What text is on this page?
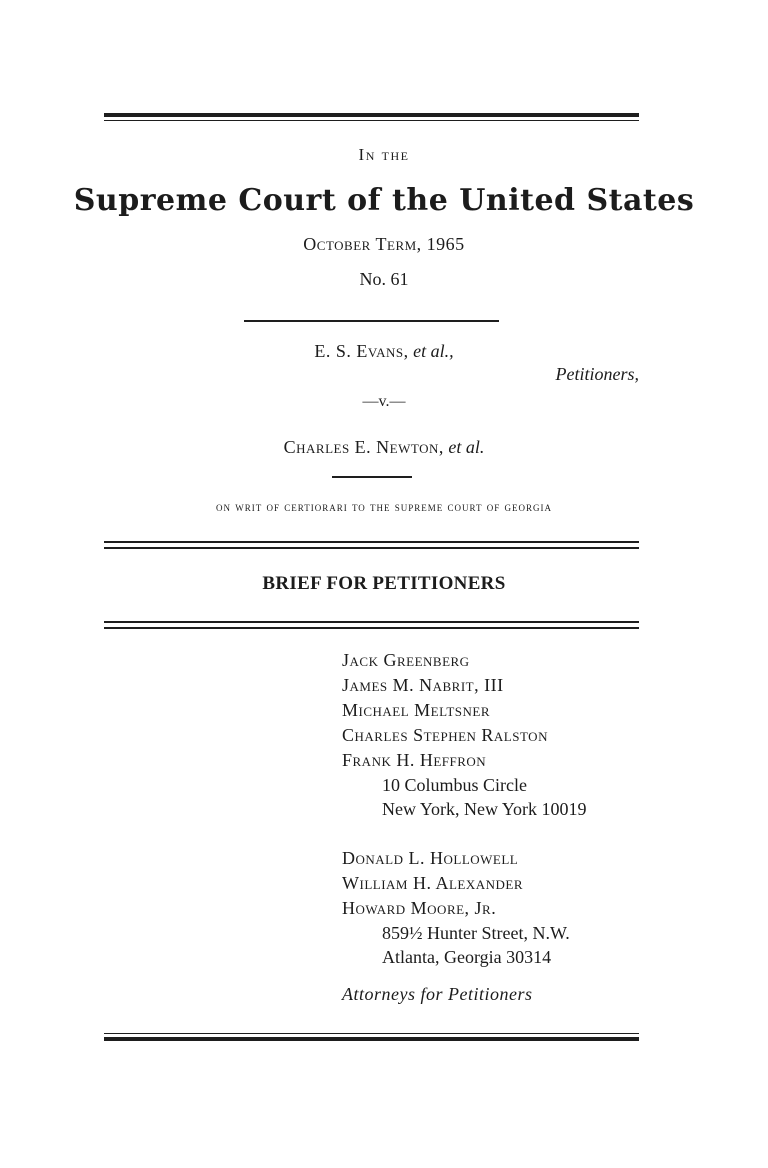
In the
Supreme Court of the United States
October Term, 1965
No. 61
E. S. Evans, et al.,
Petitioners,
—v.—
Charles E. Newton, et al.
on writ of certiorari to the supreme court of georgia
BRIEF FOR PETITIONERS
Jack Greenberg
James M. Nabrit, III
Michael Meltsner
Charles Stephen Ralston
Frank H. Heffron
10 Columbus Circle
New York, New York 10019
Donald L. Hollowell
William H. Alexander
Howard Moore, Jr.
859½ Hunter Street, N.W.
Atlanta, Georgia 30314
Attorneys for Petitioners
